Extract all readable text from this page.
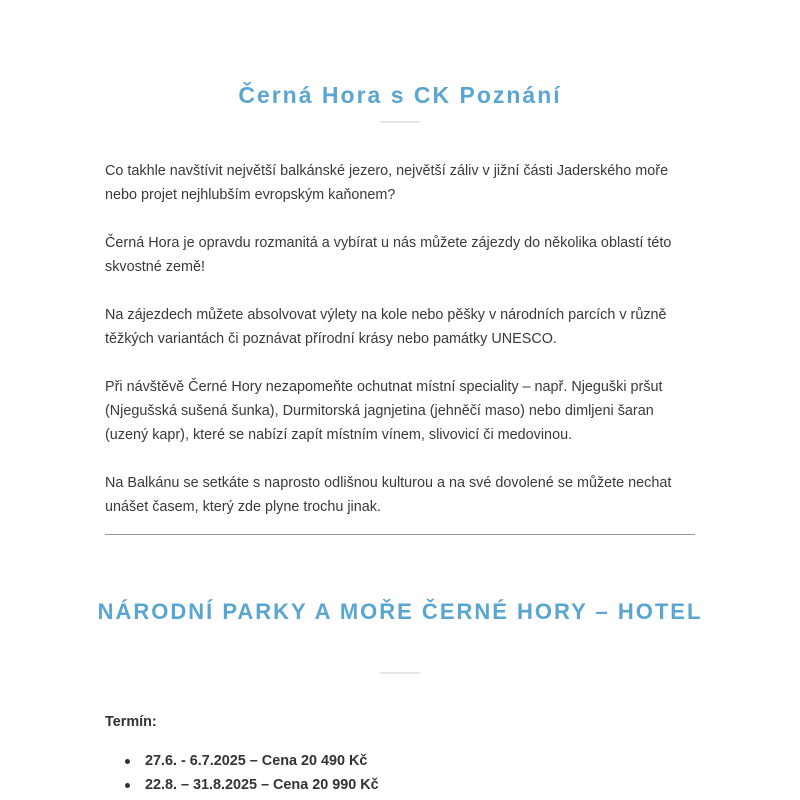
Černá Hora s CK Poznání

Co takhle navštívit největší balkánské jezero, největší záliv v jižní části Jaderského moře nebo projet nejhlubším evropským kaňonem?

Černá Hora je opravdu rozmanitá a vybírat u nás můžete zájezdy do několika oblastí této skvostné země!

Na zájezdech můžete absolvovat výlety na kole nebo pěšky v národních parcích v různě těžkých variantách či poznávat přírodní krásy nebo památky UNESCO.

Při návštěvě Černé Hory nezapomeňte ochutnat místní speciality – např. Njeguški pršut (Njegušská sušená šunka), Durmitorská jagnjetina (jehněčí maso) nebo dimljeni šaran (uzený kapr), které se nabízí zapít místním vínem, slivovicí či medovinou.

Na Balkánu se setkáte s naprosto odlišnou kulturou a na své dovolené se můžete nechat unášet časem, který zde plyne trochu jinak.

NÁRODNÍ PARKY A MOŘE ČERNÉ HORY – HOTEL

Termín:

27.6. - 6.7.2025 – Cena 20 490 Kč
22.8. – 31.8.2025 – Cena 20 990 Kč
